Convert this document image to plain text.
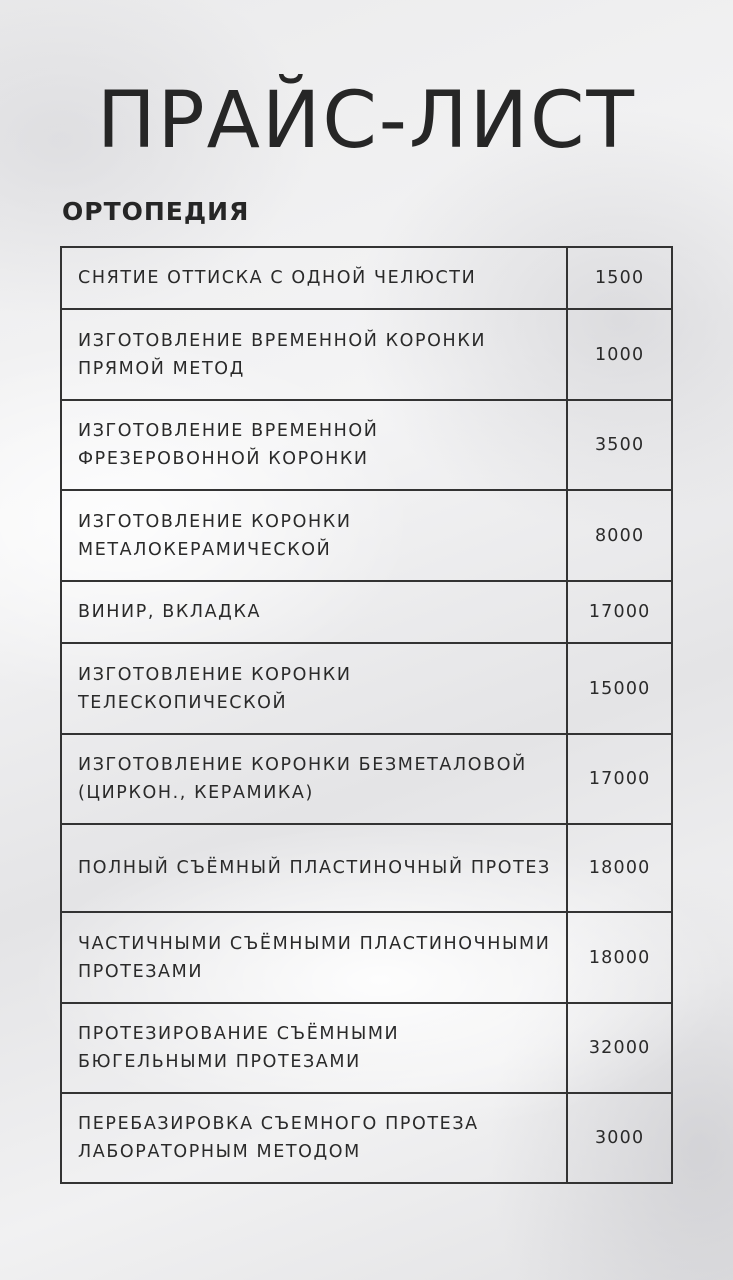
ПРАЙС-ЛИСТ
ОРТОПЕДИЯ
СНЯТИЕ ОТТИСКА С ОДНОЙ ЧЕЛЮСТИ	1500
ИЗГОТОВЛЕНИЕ ВРЕМЕННОЙ КОРОНКИ ПРЯМОЙ МЕТОД	1000
ИЗГОТОВЛЕНИЕ ВРЕМЕННОЙ ФРЕЗЕРОВОННОЙ КОРОНКИ	3500
ИЗГОТОВЛЕНИЕ КОРОНКИ МЕТАЛОКЕРАМИЧЕСКОЙ	8000
ВИНИР, ВКЛАДКА	17000
ИЗГОТОВЛЕНИЕ КОРОНКИ ТЕЛЕСКОПИЧЕСКОЙ	15000
ИЗГОТОВЛЕНИЕ КОРОНКИ БЕЗМЕТАЛОВОЙ (ЦИРКОН., КЕРАМИКА)	17000
ПОЛНЫЙ СЪЁМНЫЙ ПЛАСТИНОЧНЫЙ ПРОТЕЗ	18000
ЧАСТИЧНЫМИ СЪЁМНЫМИ ПЛАСТИНОЧНЫМИ ПРОТЕЗАМИ	18000
ПРОТЕЗИРОВАНИЕ СЪЁМНЫМИ БЮГЕЛЬНЫМИ ПРОТЕЗАМИ	32000
ПЕРЕБАЗИРОВКА СЪЕМНОГО ПРОТЕЗА ЛАБОРАТОРНЫМ МЕТОДОМ	3000
